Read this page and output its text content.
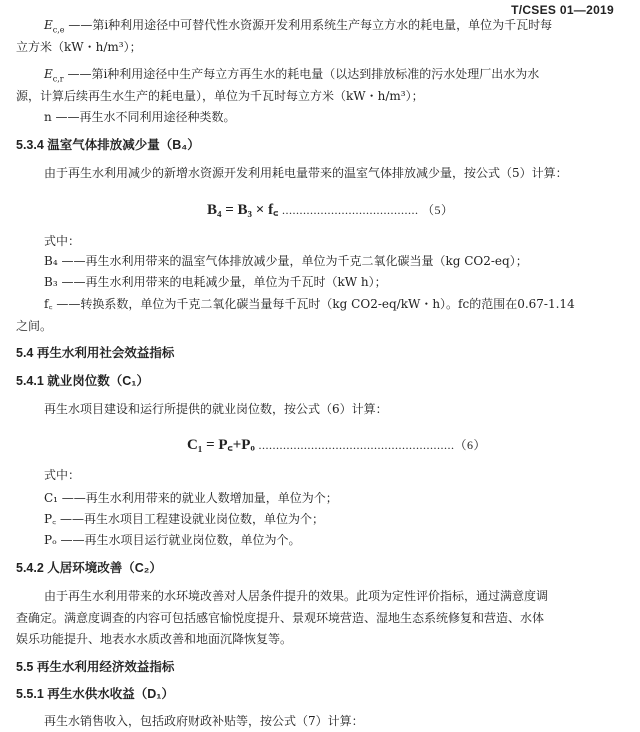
T/CSES 01—2019
$E_{c,e}$ ——第i种利用途径中可替代性水资源开发利用系统生产每立方水的耗电量，单位为千瓦时每
立方米（kW・h/m³）；
$E_{c,r}$ ——第i种利用途径中生产每立方再生水的耗电量（以达到排放标准的污水处理厂出水为水
源，计算后续再生水生产的耗电量），单位为千瓦时每立方米（kW・h/m³）；
n ——再生水不同利用途径种类数。
5.3.4 温室气体排放减少量（B₄）
由于再生水利用减少的新增水资源开发利用耗电量带来的温室气体排放减少量，按公式（5）计算：
B₄ = B₃ × f꜀ ....................................... （5）
式中：
B₄ ——再生水利用带来的温室气体排放减少量，单位为千克二氧化碳当量（kg CO2-eq）；
B₃ ——再生水利用带来的电耗减少量，单位为千瓦时（kW h）；
f꜀ ——转换系数，单位为千克二氧化碳当量每千瓦时（kg CO2-eq/kW・h）。fc的范围在0.67-1.14
之间。
5.4 再生水利用社会效益指标
5.4.1 就业岗位数（C₁）
再生水项目建设和运行所提供的就业岗位数，按公式（6）计算：
C₁ = P꜀+Pₒ ........................................................（6）
式中：
C₁ ——再生水利用带来的就业人数增加量，单位为个；
P꜀ ——再生水项目工程建设就业岗位数，单位为个；
Pₒ ——再生水项目运行就业岗位数，单位为个。
5.4.2 人居环境改善（C₂）
由于再生水利用带来的水环境改善对人居条件提升的效果。此项为定性评价指标，通过满意度调
查确定。满意度调查的内容可包括感官愉悦度提升、景观环境营造、湿地生态系统修复和营造、水体
娱乐功能提升、地表水水质改善和地面沉降恢复等。
5.5 再生水利用经济效益指标
5.5.1 再生水供水收益（D₁）
再生水销售收入，包括政府财政补贴等，按公式（7）计算：
